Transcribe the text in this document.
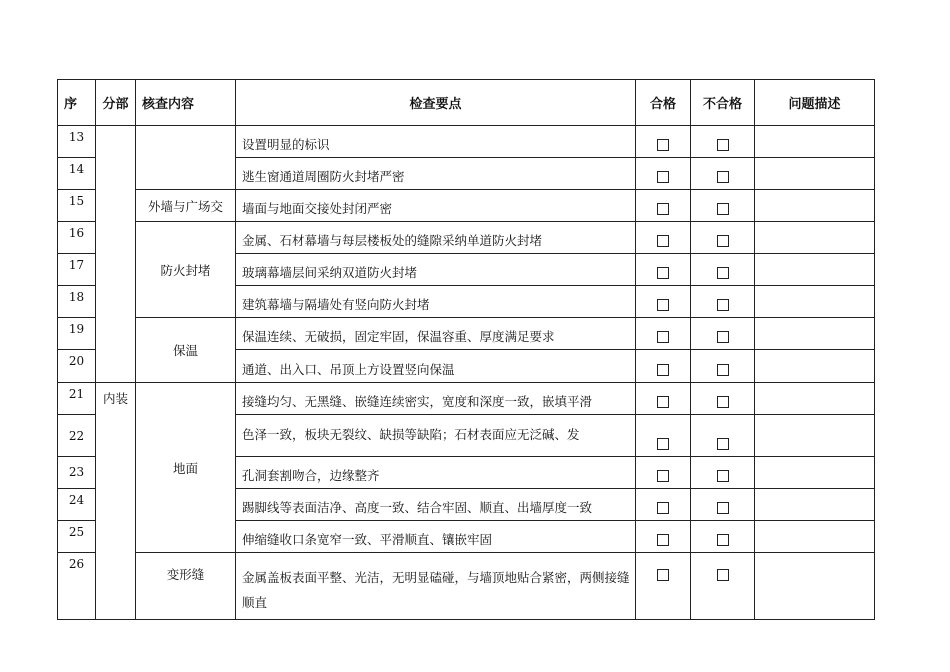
序	分部	核查内容	检查要点	合格	不合格	问题描述
13			设置明显的标识			
14			逃生窗通道周圈防火封堵严密			
15		外墙与广场交	墙面与地面交接处封闭严密			
16		防火封堵	金属、石材幕墙与每层楼板处的缝隙采纳单道防火封堵			
17			玻璃幕墙层间采纳双道防火封堵			
18			建筑幕墙与隔墙处有竖向防火封堵			
19		保温	保温连续、无破损，固定牢固，保温容重、厚度满足要求			
20			通道、出入口、吊顶上方设置竖向保温			
21	内装	地面	接缝均匀、无黑缝、嵌缝连续密实，宽度和深度一致，嵌填平滑			
22			色泽一致，板块无裂纹、缺损等缺陷；石材表面应无泛碱、发			
23			孔洞套割吻合，边缘整齐			
24			踢脚线等表面洁净、高度一致、结合牢固、顺直、出墙厚度一致			
25			伸缩缝收口条宽窄一致、平滑顺直、镶嵌牢固			
26		变形缝	金属盖板表面平整、光洁，无明显磕碰，与墙顶地贴合紧密，两侧接缝顺直			
